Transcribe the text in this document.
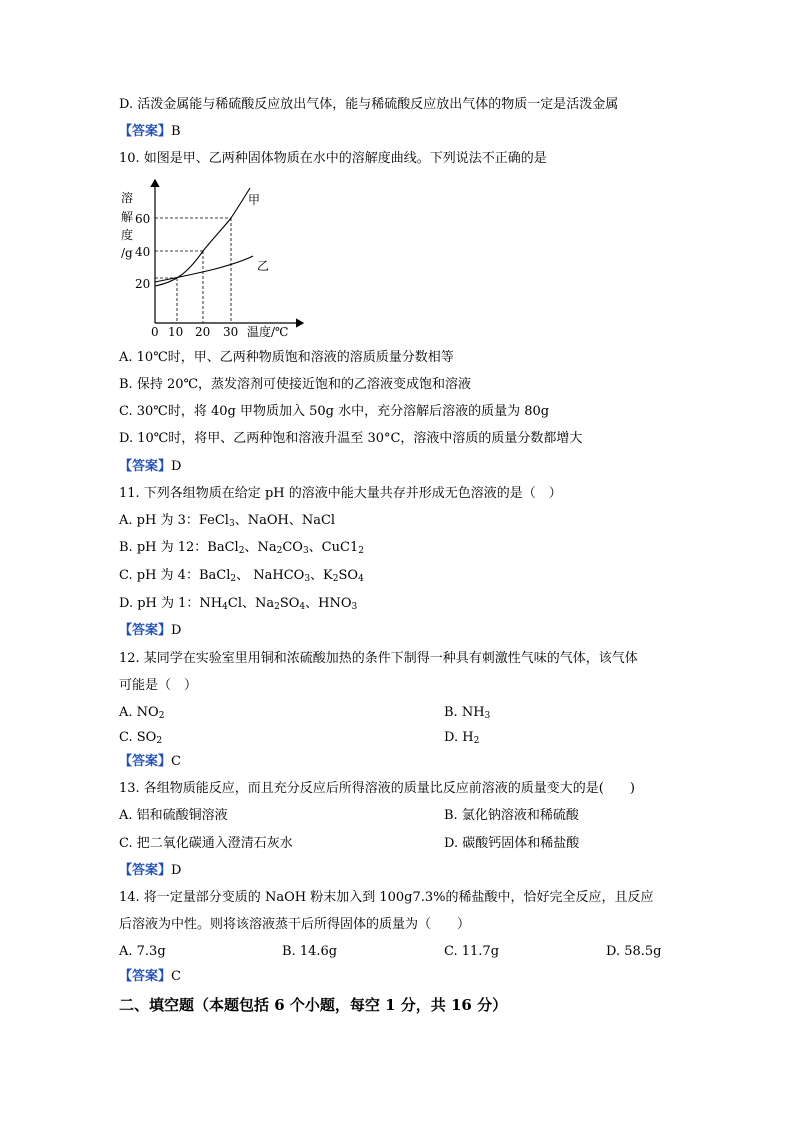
D. 活泼金属能与稀硫酸反应放出气体，能与稀硫酸反应放出气体的物质一定是活泼金属
【答案】B
10. 如图是甲、乙两种固体物质在水中的溶解度曲线。下列说法不正确的是
溶
解
度
/g
60
40
20
0 10 20 30 温度/℃
甲
乙
A. 10℃时，甲、乙两种物质饱和溶液的溶质质量分数相等
B. 保持 20℃，蒸发溶剂可使接近饱和的乙溶液变成饱和溶液
C. 30℃时，将 40g 甲物质加入 50g 水中，充分溶解后溶液的质量为 80g
D. 10℃时，将甲、乙两种饱和溶液升温至 30°C，溶液中溶质的质量分数都增大
【答案】D
11. 下列各组物质在给定 pH 的溶液中能大量共存并形成无色溶液的是（　）
A. pH 为 3：FeCl$_3$、NaOH、NaCl
B. pH 为 12：BaCl$_2$、$Na_2CO_3$、$CuC1_2$
C. pH 为 4：BaCl$_2$、 NaHCO$_3$、$K_2SO_4$
D. pH 为 1：$NH_4Cl$、$Na_2SO_4$、$HNO_3$
【答案】D
12. 某同学在实验室里用铜和浓硫酸加热的条件下制得一种具有刺激性气味的气体，该气体
可能是（　）
A. $NO_2$	B. $NH_3$
C. $SO_2$	D. $H_2$
【答案】C
13. 各组物质能反应，而且充分反应后所得溶液的质量比反应前溶液的质量变大的是(　　)
A. 铝和硫酸铜溶液	B. 氯化钠溶液和稀硫酸
C. 把二氧化碳通入澄清石灰水	D. 碳酸钙固体和稀盐酸
【答案】D
14. 将一定量部分变质的 NaOH 粉末加入到 100g7.3%的稀盐酸中，恰好完全反应，且反应
后溶液为中性。则将该溶液蒸干后所得固体的质量为（　　）
A. 7.3g	B. 14.6g	C. 11.7g	D. 58.5g
【答案】C
二、填空题（本题包括 6 个小题，每空 1 分，共 16 分）
